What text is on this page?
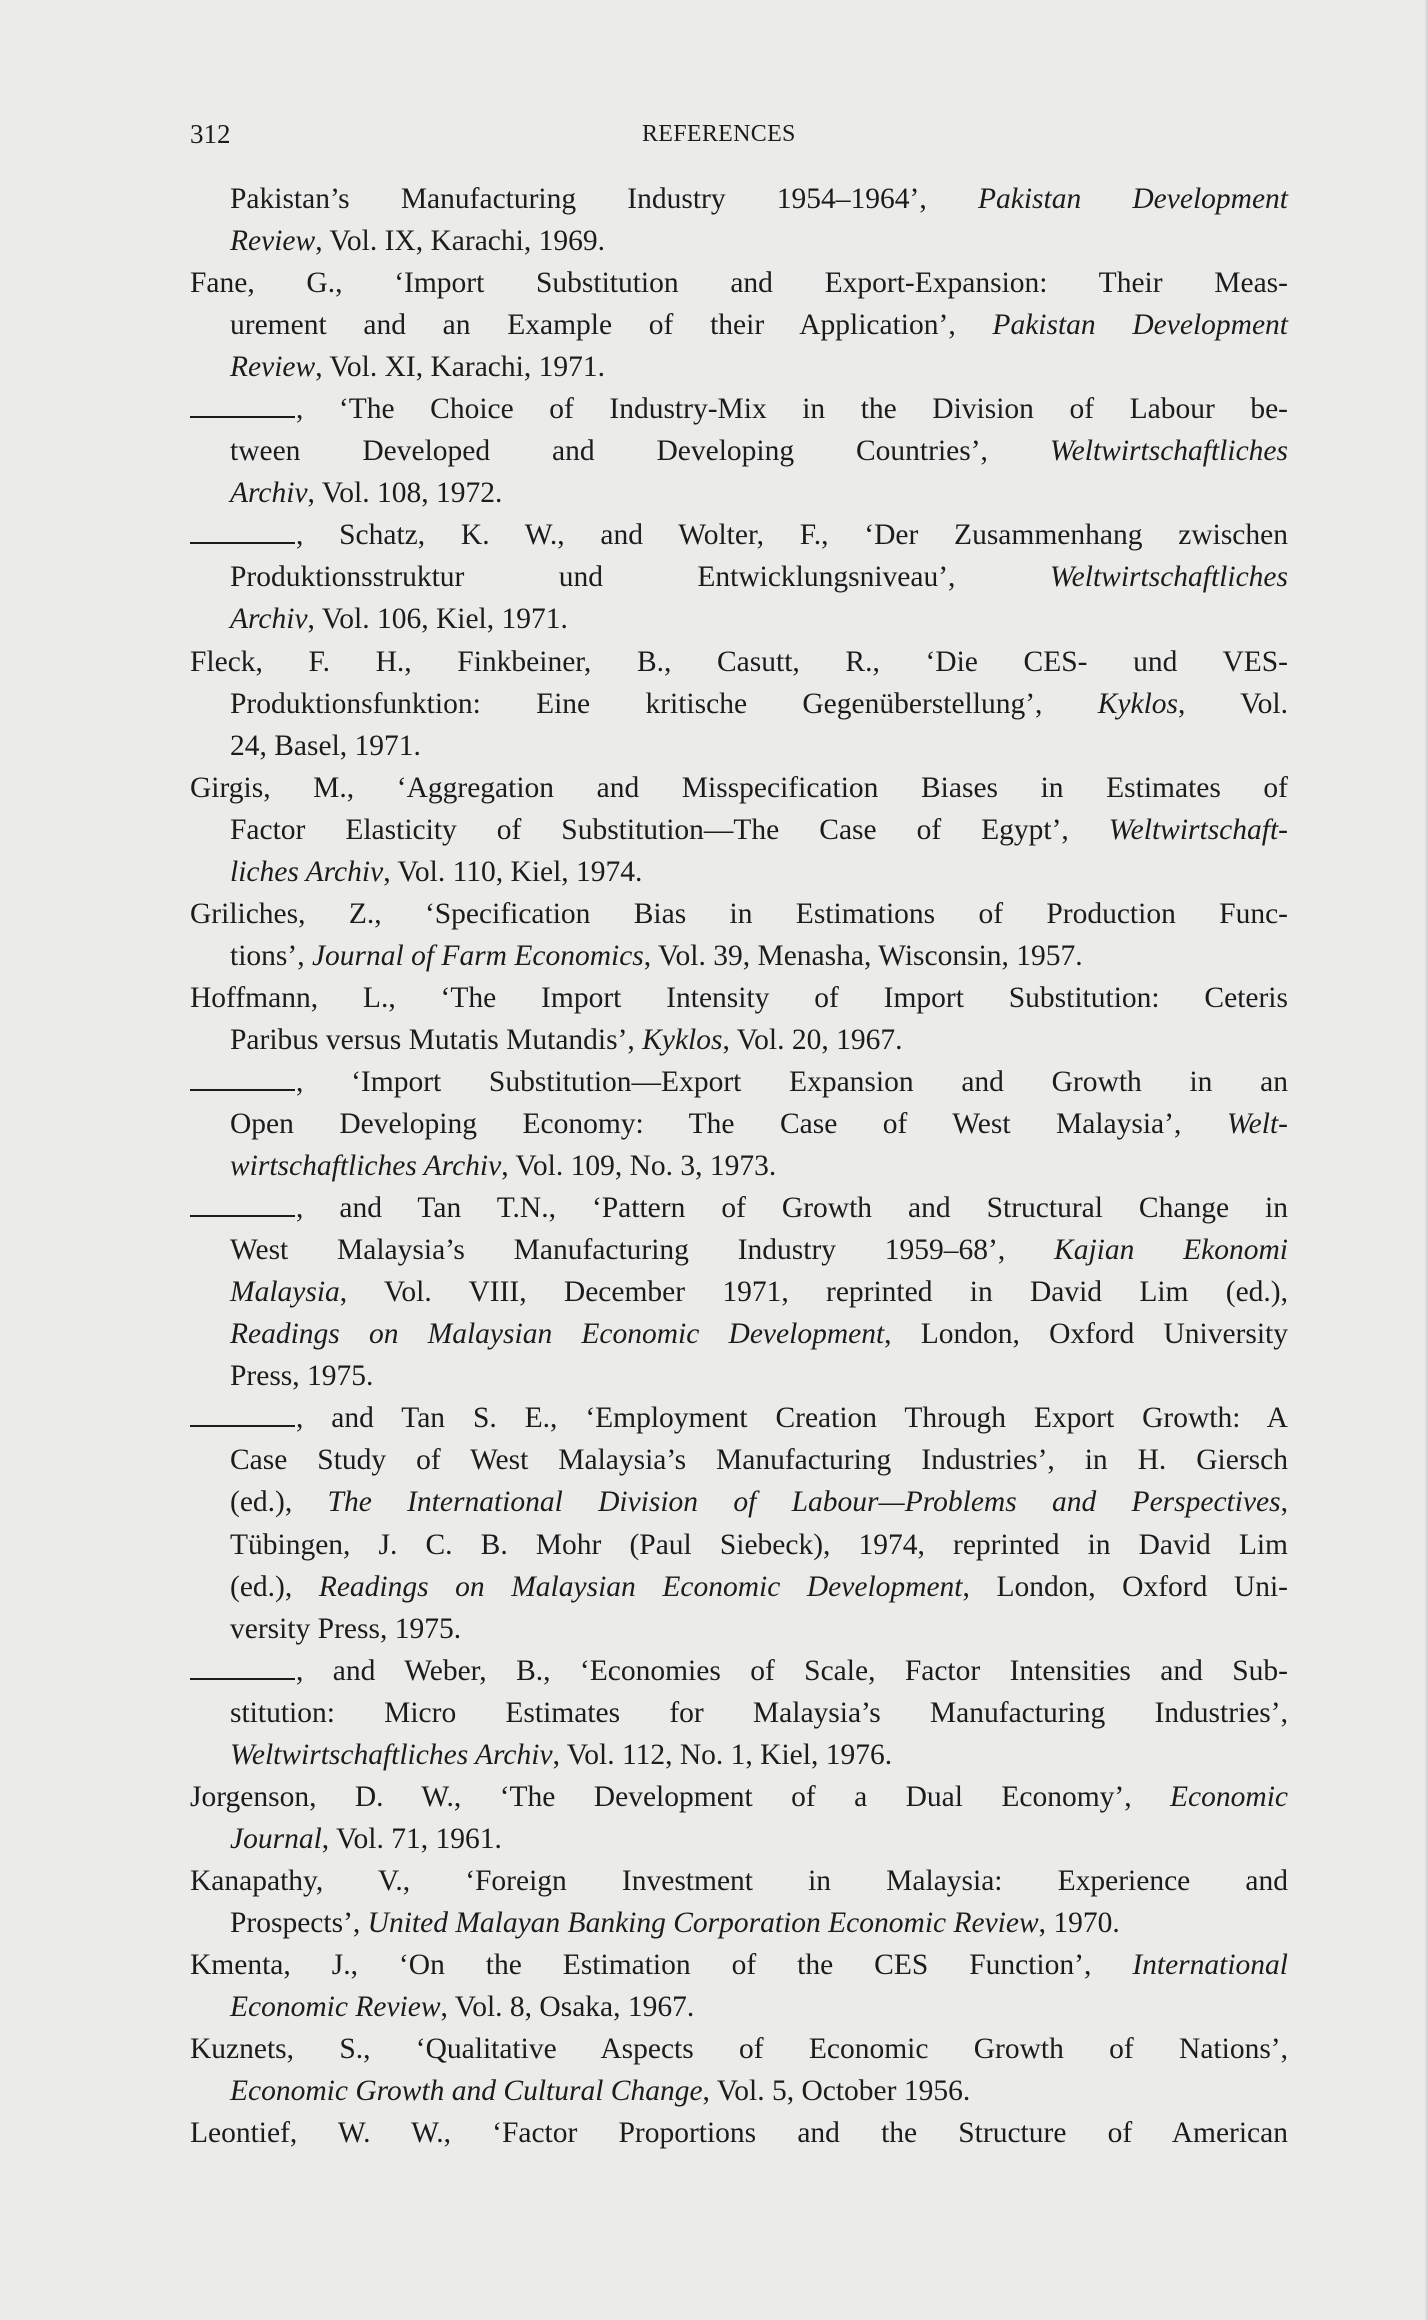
312	REFERENCES
Pakistan’s Manufacturing Industry 1954–1964’, Pakistan Development
Review, Vol. IX, Karachi, 1969.
Fane, G., ‘Import Substitution and Export-Expansion: Their Meas-
urement and an Example of their Application’, Pakistan Development
Review, Vol. XI, Karachi, 1971.
, ‘The Choice of Industry-Mix in the Division of Labour be-
tween Developed and Developing Countries’, Weltwirtschaftliches
Archiv, Vol. 108, 1972.
, Schatz, K. W., and Wolter, F., ‘Der Zusammenhang zwischen
Produktionsstruktur und Entwicklungsniveau’, Weltwirtschaftliches
Archiv, Vol. 106, Kiel, 1971.
Fleck, F. H., Finkbeiner, B., Casutt, R., ‘Die CES- und VES-
Produktionsfunktion: Eine kritische Gegenüberstellung’, Kyklos, Vol.
24, Basel, 1971.
Girgis, M., ‘Aggregation and Misspecification Biases in Estimates of
Factor Elasticity of Substitution—The Case of Egypt’, Weltwirtschaft-
liches Archiv, Vol. 110, Kiel, 1974.
Griliches, Z., ‘Specification Bias in Estimations of Production Func-
tions’, Journal of Farm Economics, Vol. 39, Menasha, Wisconsin, 1957.
Hoffmann, L., ‘The Import Intensity of Import Substitution: Ceteris
Paribus versus Mutatis Mutandis’, Kyklos, Vol. 20, 1967.
, ‘Import Substitution—Export Expansion and Growth in an
Open Developing Economy: The Case of West Malaysia’, Welt-
wirtschaftliches Archiv, Vol. 109, No. 3, 1973.
, and Tan T.N., ‘Pattern of Growth and Structural Change in
West Malaysia’s Manufacturing Industry 1959–68’, Kajian Ekonomi
Malaysia, Vol. VIII, December 1971, reprinted in David Lim (ed.),
Readings on Malaysian Economic Development, London, Oxford University
Press, 1975.
, and Tan S. E., ‘Employment Creation Through Export Growth: A
Case Study of West Malaysia’s Manufacturing Industries’, in H. Giersch
(ed.), The International Division of Labour—Problems and Perspectives,
Tübingen, J. C. B. Mohr (Paul Siebeck), 1974, reprinted in David Lim
(ed.), Readings on Malaysian Economic Development, London, Oxford Uni-
versity Press, 1975.
, and Weber, B., ‘Economies of Scale, Factor Intensities and Sub-
stitution: Micro Estimates for Malaysia’s Manufacturing Industries’,
Weltwirtschaftliches Archiv, Vol. 112, No. 1, Kiel, 1976.
Jorgenson, D. W., ‘The Development of a Dual Economy’, Economic
Journal, Vol. 71, 1961.
Kanapathy, V., ‘Foreign Investment in Malaysia: Experience and
Prospects’, United Malayan Banking Corporation Economic Review, 1970.
Kmenta, J., ‘On the Estimation of the CES Function’, International
Economic Review, Vol. 8, Osaka, 1967.
Kuznets, S., ‘Qualitative Aspects of Economic Growth of Nations’,
Economic Growth and Cultural Change, Vol. 5, October 1956.
Leontief, W. W., ‘Factor Proportions and the Structure of American
